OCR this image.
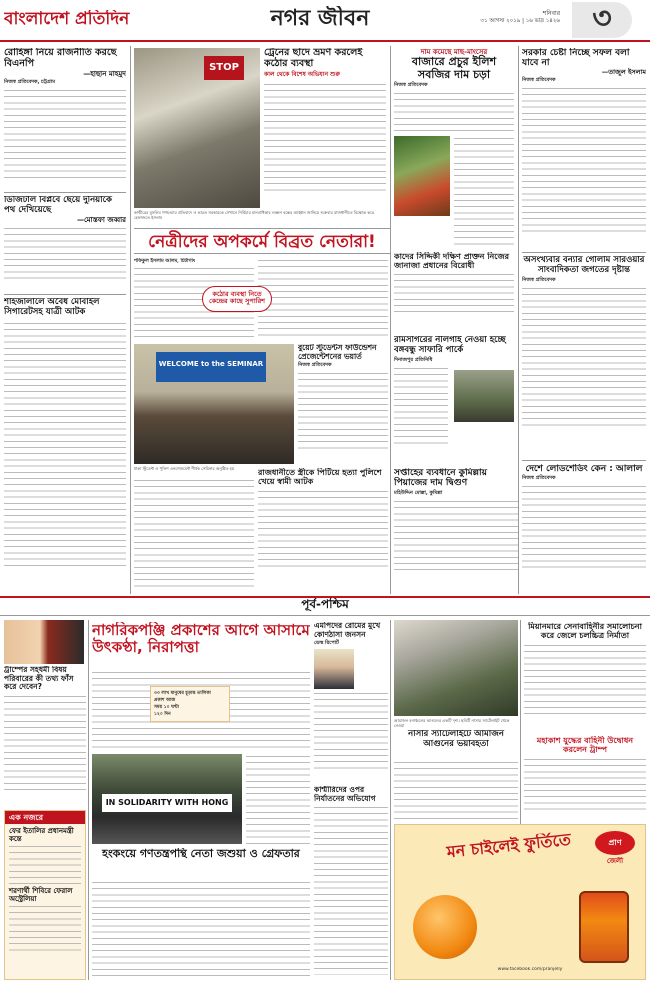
বাংলাদেশ প্রতিদিন	নগর জীবন	শনিবার
৩১ আগস্ট ২০১৯ | ১৬ ভাদ্র ১৪২৬	৩
রোহিঙ্গা নিয়ে রাজনীতি করছে বিএনপি
—হাছান মাহমুদ
নিজস্ব প্রতিবেদক, চট্টগ্রাম
ডিজিটাল বিপ্লবে ছেয়ে দুনিয়াকে পথ দেখিয়েছে
—মোস্তফা জব্বার
শাহজালালে অবৈধ মোবাইল সিগারেটসহ যাত্রী আটক
STOP
কাশ্মীরের মুসলিম গণহত্যার প্রতিবাদে ও ভারত সরকারকে সেখানে নির্বিচার মানবাধিকার লঙ্ঘন বন্ধের আহ্বান জানিয়ে শুক্রবার রাজধানীতে বিক্ষোভ করে হেফাজতে ইসলাম
ট্রেনের ছাদে ভ্রমণ করলেই কঠোর ব্যবস্থা
কাল থেকে বিশেষ অভিযান শুরু
নেত্রীদের অপকর্মে বিব্রত নেতারা!
শফিকুল ইসলাম আলম, চিটাগাং
কঠোর ব্যবস্থা নিতে কেন্দ্রের কাছে সুপারিশ
WELCOME to the SEMINAR
ঢাকা স্টুডেন্ট ও পুলিশ এনগেজমেন্ট শীর্ষক সেমিনার অনুষ্ঠিত হয়
বুয়েট স্টুডেন্টস ফাউন্ডেশন প্রেজেন্টেশনের ভয়ার্ত
নিজস্ব প্রতিবেদক
রাজধানীতে স্ত্রীকে পিটিয়ে হত্যা পুলিশে খেয়ে স্বামী আটক
দাম কমেছে মাছ-মাংসের
বাজারে প্রচুর ইলিশ সবজির দাম চড়া
নিজস্ব প্রতিবেদক
সরকার চেষ্টা নিচ্ছে সফল বলা যাবে না
—তাজুল ইসলাম
নিজস্ব প্রতিবেদক
অসংখ্যবার বন্যার গোলাম সারওয়ার সাংবাদিকতা জগতের দৃষ্টান্ত
নিজস্ব প্রতিবেদক
দেশে লোডশেডিং কেন : আলাল
নিজস্ব প্রতিবেদক
কাদের সিদ্দিকী দক্ষিণ প্রাক্তন নিজের জানাজা প্রধানের বিরোধী
রামসাগরের নীলগাই নেওয়া হচ্ছে বঙ্গবন্ধু সাফারি পার্কে
দিনাজপুর প্রতিনিধি
সপ্তাহের ব্যবধানে কুমিল্লায় পিয়াজের দাম দ্বিগুণ
মহিউদ্দিন মোল্লা, কুমিল্লা
পূর্ব-পশ্চিম
ট্রাম্পের সহধর্মী বিষয় পরিবারের কী তথ্য ফাঁস করে দেবেন?
এক নজরে
ফের ইতালির প্রধানমন্ত্রী কন্তে
শরণার্থী শিবিরে ফেরাল অস্ট্রেলিয়া
নাগরিকপঞ্জি প্রকাশের আগে আসামে উৎকণ্ঠা, নিরাপত্তা
৩৩ লাখ মানুষের চূড়ান্ত তালিকা
প্রকাশ আজ
সময় ১০ ঘণ্টা
১২০ দিন
IN SOLIDARITY WITH HONG
হংকংয়ে গণতন্ত্রপন্থি নেতা জশুয়া ও গ্রেফতার
এমপিদের রোমের মুখে কোণঠাসা জনসন
ডেস্ক রিপোর্ট
কাশ্মীরিদের ওপর নির্যাতনের অভিযোগ
আমাজন বনাঞ্চলের আগুনের একটি দৃশ্য। ছবিটি নাসার স্যাটেলাইট থেকে নেওয়া
নাসার স্যাটেলাইটে আমাজন আগুনের ভয়াবহতা
মিয়ানমারে সেনাবাহিনীর সমালোচনা করে জেলে চলচ্চিত্র নির্মাতা
মহাকাশ যুদ্ধের বাহিনী উদ্বোধন করলেন ট্রাম্প
মন চাইলেই ফুর্তিতে	প্রাণ
জেলী
www.facebook.com/pranjelly
